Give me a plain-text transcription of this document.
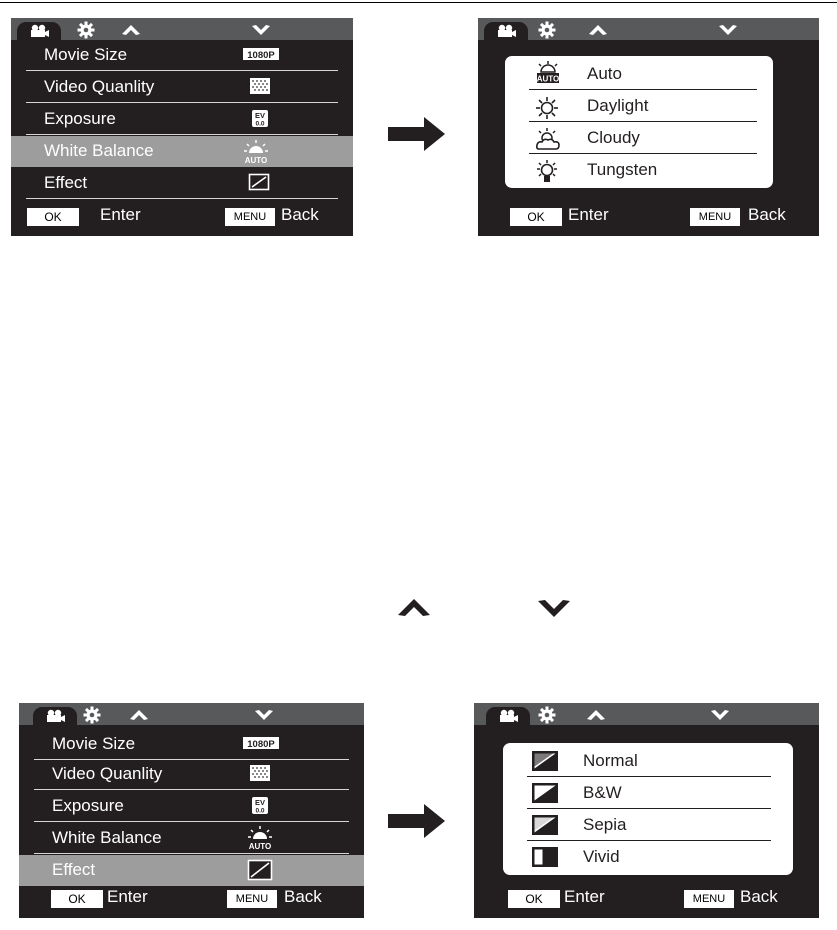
Movie Size	1080P
Video Quanlity
Exposure	EV
0.0
White Balance
AUTO
Effect
OK	Enter	MENU Back
AUTO Auto
Daylight
Cloudy
Tungsten
OK	Enter	MENU Back
Movie Size	1080P
Video Quanlity
Exposure	EV
0.0
White Balance	AUTO
Effect
OK	Enter	MENU Back
Normal
B&W
Sepia
Vivid
OK	Enter	MENU Back
